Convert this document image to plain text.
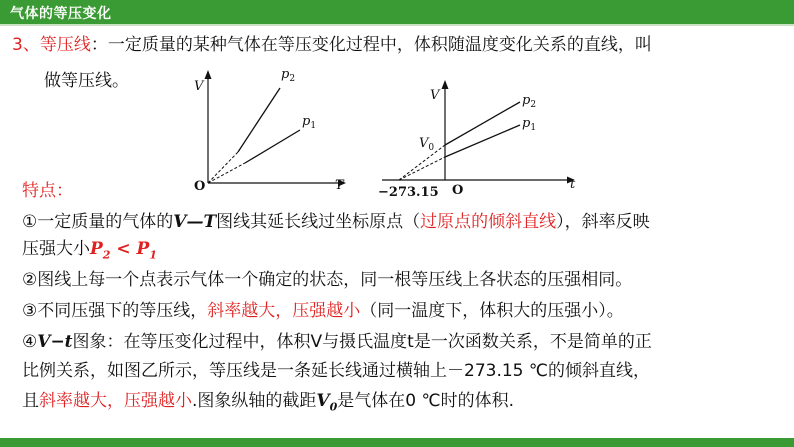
气体的等压变化
3、等压线：一定质量的某种气体在等压变化过程中，体积随温度变化关系的直线，叫
做等压线。	V
T
O
$p_2$
$p_1$
V
t
O
$V_0$
−273.15
$p_2$
$p_1$
特点：
①一定质量的气体的V—T图线其延长线过坐标原点（过原点的倾斜直线），斜率反映
压强大小$P_2 < P_1$
②图线上每一个点表示气体一个确定的状态，同一根等压线上各状态的压强相同。
③不同压强下的等压线，斜率越大，压强越小（同一温度下，体积大的压强小）。
④V−t图象：在等压变化过程中，体积V与摄氏温度t是一次函数关系，不是简单的正
比例关系，如图乙所示，等压线是一条延长线通过横轴上－273.15 ℃的倾斜直线，
且斜率越大，压强越小.图象纵轴的截距$V_0$是气体在0 ℃时的体积.
